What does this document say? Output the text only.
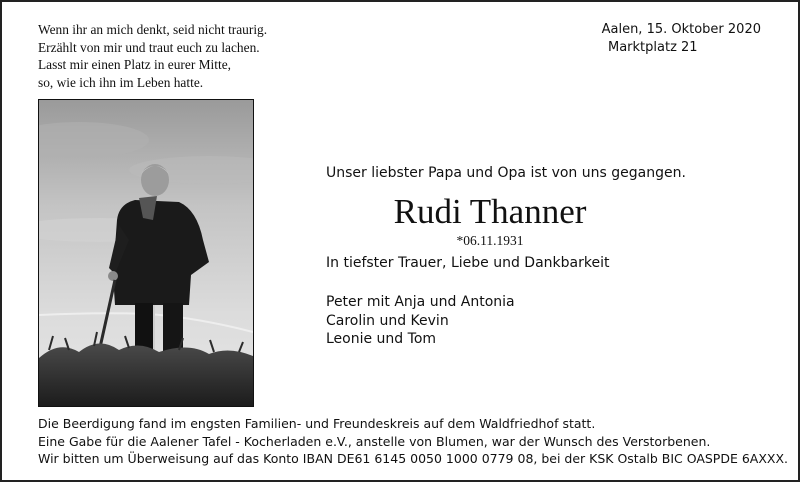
Wenn ihr an mich denkt, seid nicht traurig.
Erzählt von mir und traut euch zu lachen.
Lasst mir einen Platz in eurer Mitte,
so, wie ich ihn im Leben hatte.
Aalen, 15. Oktober 2020
Marktplatz 21
Unser liebster Papa und Opa ist von uns gegangen.
Rudi Thanner
*06.11.1931
In tiefster Trauer, Liebe und Dankbarkeit
Peter mit Anja und Antonia
Carolin und Kevin
Leonie und Tom
Die Beerdigung fand im engsten Familien- und Freundeskreis auf dem Waldfriedhof statt.
Eine Gabe für die Aalener Tafel - Kocherladen e.V., anstelle von Blumen, war der Wunsch des Verstorbenen.
Wir bitten um Überweisung auf das Konto IBAN DE61 6145 0050 1000 0779 08, bei der KSK Ostalb BIC OASPDE 6AXXX.
